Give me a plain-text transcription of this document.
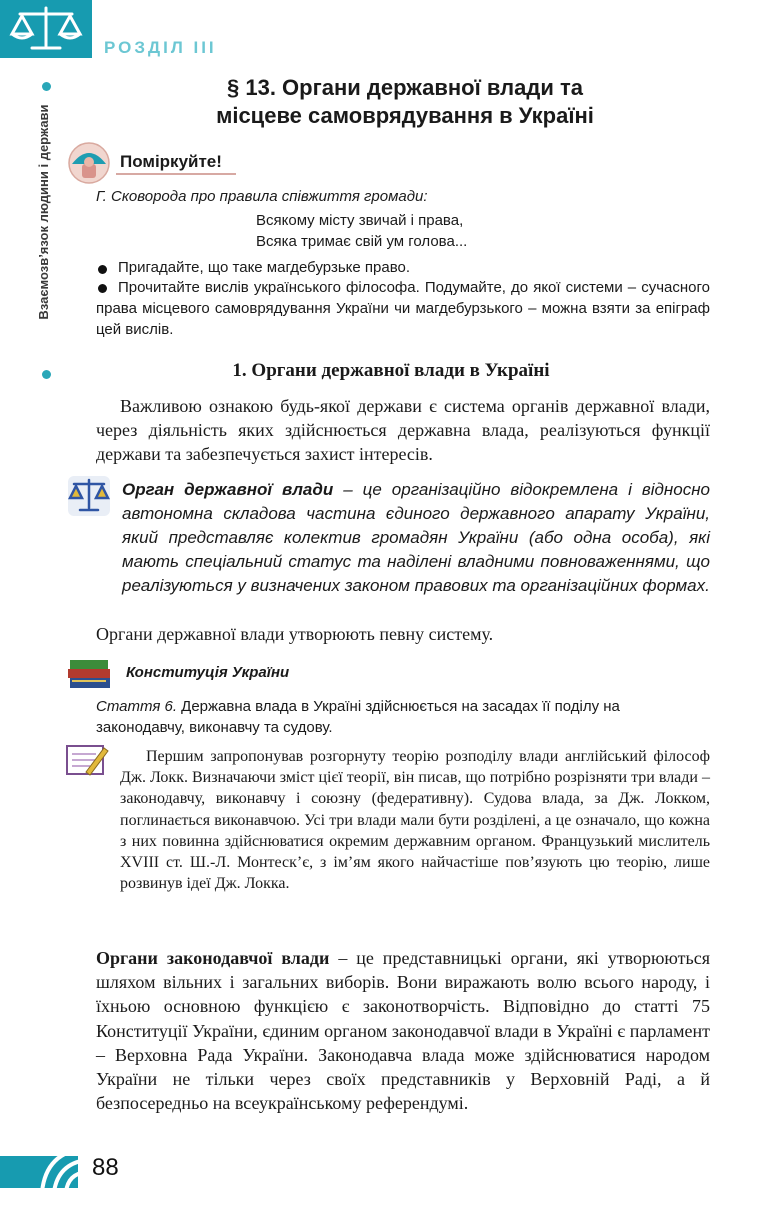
РОЗДІЛ III
Взаємозв’язок людини і держави
§ 13. Органи державної влади та
місцеве самоврядування в Україні
Поміркуйте!
Г. Сковорода про правила співжиття громади:
Всякому місту звичай і права,
Всяка тримає свій ум голова...
Пригадайте, що таке магдебурзьке право.
Прочитайте вислів українського філософа. Подумайте, до якої системи – сучасного права місцевого самоврядування України чи магдебурзького – можна взяти за епіграф цей вислів.
1. Органи державної влади в Україні
Важливою ознакою будь-якої держави є система органів державної влади, через діяльність яких здійснюється державна влада, реалізуються функції держави та забезпечується захист інтересів.
Орган державної влади – це організаційно відокремлена і відносно автономна складова частина єдиного державного апарату України, який представляє колектив громадян України (або одна особа), які мають спеціальний статус та наділені владними повноваженнями, що реалізуються у визначених законом правових та організаційних формах.
Органи державної влади утворюють певну систему.
Конституція України
Стаття 6. Державна влада в Україні здійснюється на засадах її поділу на законодавчу, виконавчу та судову.
Першим запропонував розгорнуту теорію розподілу влади англійський філософ Дж. Локк. Визначаючи зміст цієї теорії, він писав, що потрібно розрізняти три влади – законодавчу, виконавчу і союзну (федеративну). Судова влада, за Дж. Локком, поглинається виконавчою. Усі три влади мали бути розділені, а це означало, що кожна з них повинна здійснюватися окремим державним органом. Французький мислитель XVIII ст. Ш.-Л. Монтеск’є, з ім’ям якого найчастіше пов’язують цю теорію, лише розвинув ідеї Дж. Локка.
Органи законодавчої влади – це представницькі органи, які утворюються шляхом вільних і загальних виборів. Вони виражають волю всього народу, і їхньою основною функцією є законотворчість. Відповідно до статті 75 Конституції України, єдиним органом законодавчої влади в Україні є парламент – Верховна Рада України. Законодавча влада може здійснюватися народом України не тільки через своїх представників у Верховній Раді, а й безпосередньо на всеукраїнському референдумі.
88
